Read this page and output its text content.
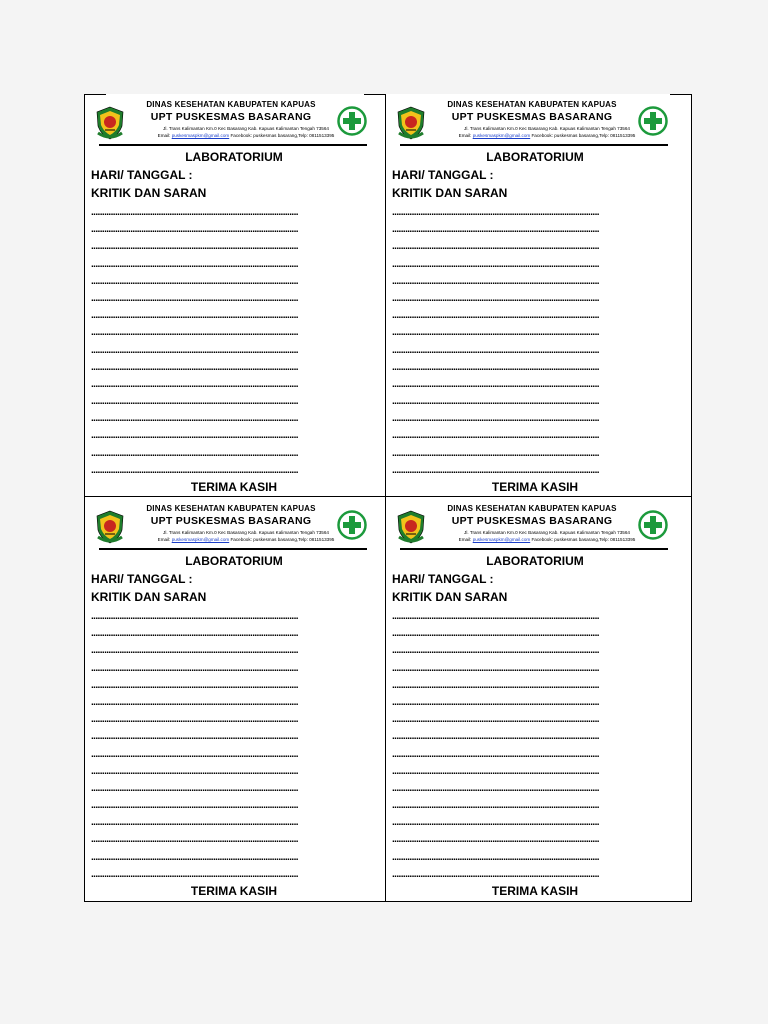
DINAS KESEHATAN KABUPATEN KAPUAS
UPT PUSKESMAS BASARANG
Jl. Trans Kalimantan Km.0 Kec Basarang Kab. Kapuas Kalimantan Tengah 73564
Email: puskesmaspkm@gmail.com Facebook: puskesmas basarang,Telp: 0811513395
LABORATORIUM
HARI/ TANGGAL :
KRITIK DAN SARAN
...............................................................................................
...............................................................................................
...............................................................................................
...............................................................................................
...............................................................................................
...............................................................................................
...............................................................................................
...............................................................................................
...............................................................................................
...............................................................................................
...............................................................................................
...............................................................................................
...............................................................................................
...............................................................................................
...............................................................................................
...............................................................................................
TERIMA KASIH
DINAS KESEHATAN KABUPATEN KAPUAS
UPT PUSKESMAS BASARANG
Jl. Trans Kalimantan Km.0 Kec Basarang Kab. Kapuas Kalimantan Tengah 73564
Email: puskesmaspkm@gmail.com Facebook: puskesmas basarang,Telp: 0811513395
LABORATORIUM
HARI/ TANGGAL :
KRITIK DAN SARAN
...............................................................................................
...............................................................................................
...............................................................................................
...............................................................................................
...............................................................................................
...............................................................................................
...............................................................................................
...............................................................................................
...............................................................................................
...............................................................................................
...............................................................................................
...............................................................................................
...............................................................................................
...............................................................................................
...............................................................................................
...............................................................................................
TERIMA KASIH
DINAS KESEHATAN KABUPATEN KAPUAS
UPT PUSKESMAS BASARANG
Jl. Trans Kalimantan Km.0 Kec Basarang Kab. Kapuas Kalimantan Tengah 73564
Email: puskesmaspkm@gmail.com Facebook: puskesmas basarang,Telp: 0811513395
LABORATORIUM
HARI/ TANGGAL :
KRITIK DAN SARAN
...............................................................................................
...............................................................................................
...............................................................................................
...............................................................................................
...............................................................................................
...............................................................................................
...............................................................................................
...............................................................................................
...............................................................................................
...............................................................................................
...............................................................................................
...............................................................................................
...............................................................................................
...............................................................................................
...............................................................................................
...............................................................................................
TERIMA KASIH
DINAS KESEHATAN KABUPATEN KAPUAS
UPT PUSKESMAS BASARANG
Jl. Trans Kalimantan Km.0 Kec Basarang Kab. Kapuas Kalimantan Tengah 73564
Email: puskesmaspkm@gmail.com Facebook: puskesmas basarang,Telp: 0811513395
LABORATORIUM
HARI/ TANGGAL :
KRITIK DAN SARAN
...............................................................................................
...............................................................................................
...............................................................................................
...............................................................................................
...............................................................................................
...............................................................................................
...............................................................................................
...............................................................................................
...............................................................................................
...............................................................................................
...............................................................................................
...............................................................................................
...............................................................................................
...............................................................................................
...............................................................................................
...............................................................................................
TERIMA KASIH
